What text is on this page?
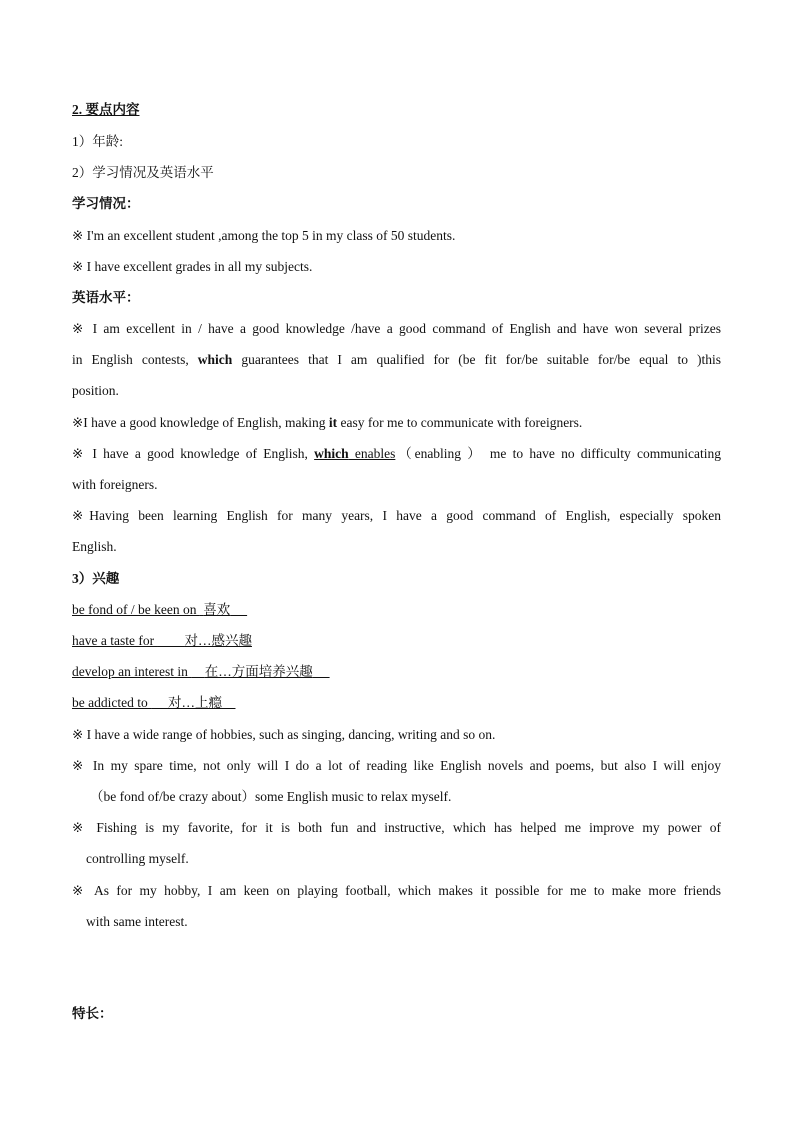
2. 要点内容
1）年龄:
2）学习情况及英语水平
学习情况：
※ I'm an excellent student ,among the top 5 in my class of 50 students.
※ I have excellent grades in all my subjects.
英语水平：
※ I am excellent in / have a good knowledge /have a good command of English and have won several prizes
in English contests, which guarantees that I am qualified for (be fit for/be suitable for/be equal to )this
position.
※I have a good knowledge of English, making it easy for me to communicate with foreigners.
※ I have a good knowledge of English, which enables（enabling ） me to have no difficulty communicating
with foreigners.
※Having been learning English for many years, I have a good command of English, especially spoken
English.
3）兴趣
be fond of / be keen on  喜欢
have a taste for         对…感兴趣
develop an interest in     在…方面培养兴趣
be addicted to      对…上瘾
※ I have a wide range of hobbies, such as singing, dancing, writing and so on.
※ In my spare time, not only will I do a lot of reading like English novels and poems, but also I will enjoy
（be fond of/be crazy about）some English music to relax myself.
※ Fishing is my favorite, for it is both fun and instructive, which has helped me improve my power of
controlling myself.
※ As for my hobby, I am keen on playing football, which makes it possible for me to make more friends
with same interest.
特长：
